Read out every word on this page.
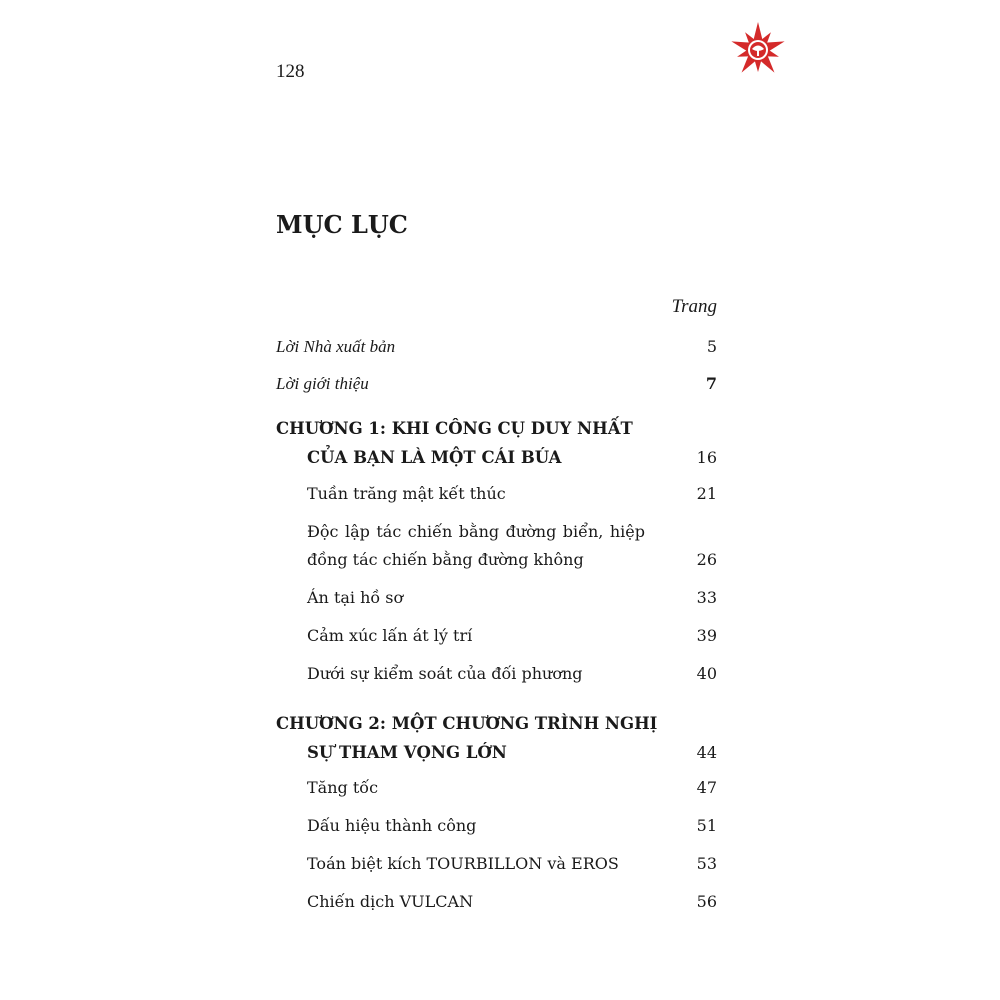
128
MỤC LỤC
Trang
Lời Nhà xuất bản	5
Lời giới thiệu	7
CHƯƠNG 1: KHI CÔNG CỤ DUY NHẤT
CỦA BẠN LÀ MỘT CÁI BÚA	16
Tuần trăng mật kết thúc	21
Độc lập tác chiến bằng đường biển, hiệp đồng tác chiến bằng đường không	26
Án tại hồ sơ	33
Cảm xúc lấn át lý trí	39
Dưới sự kiểm soát của đối phương	40
CHƯƠNG 2: MỘT CHƯƠNG TRÌNH NGHỊ
SỰ THAM VỌNG LỚN	44
Tăng tốc	47
Dấu hiệu thành công	51
Toán biệt kích TOURBILLON và EROS	53
Chiến dịch VULCAN	56
